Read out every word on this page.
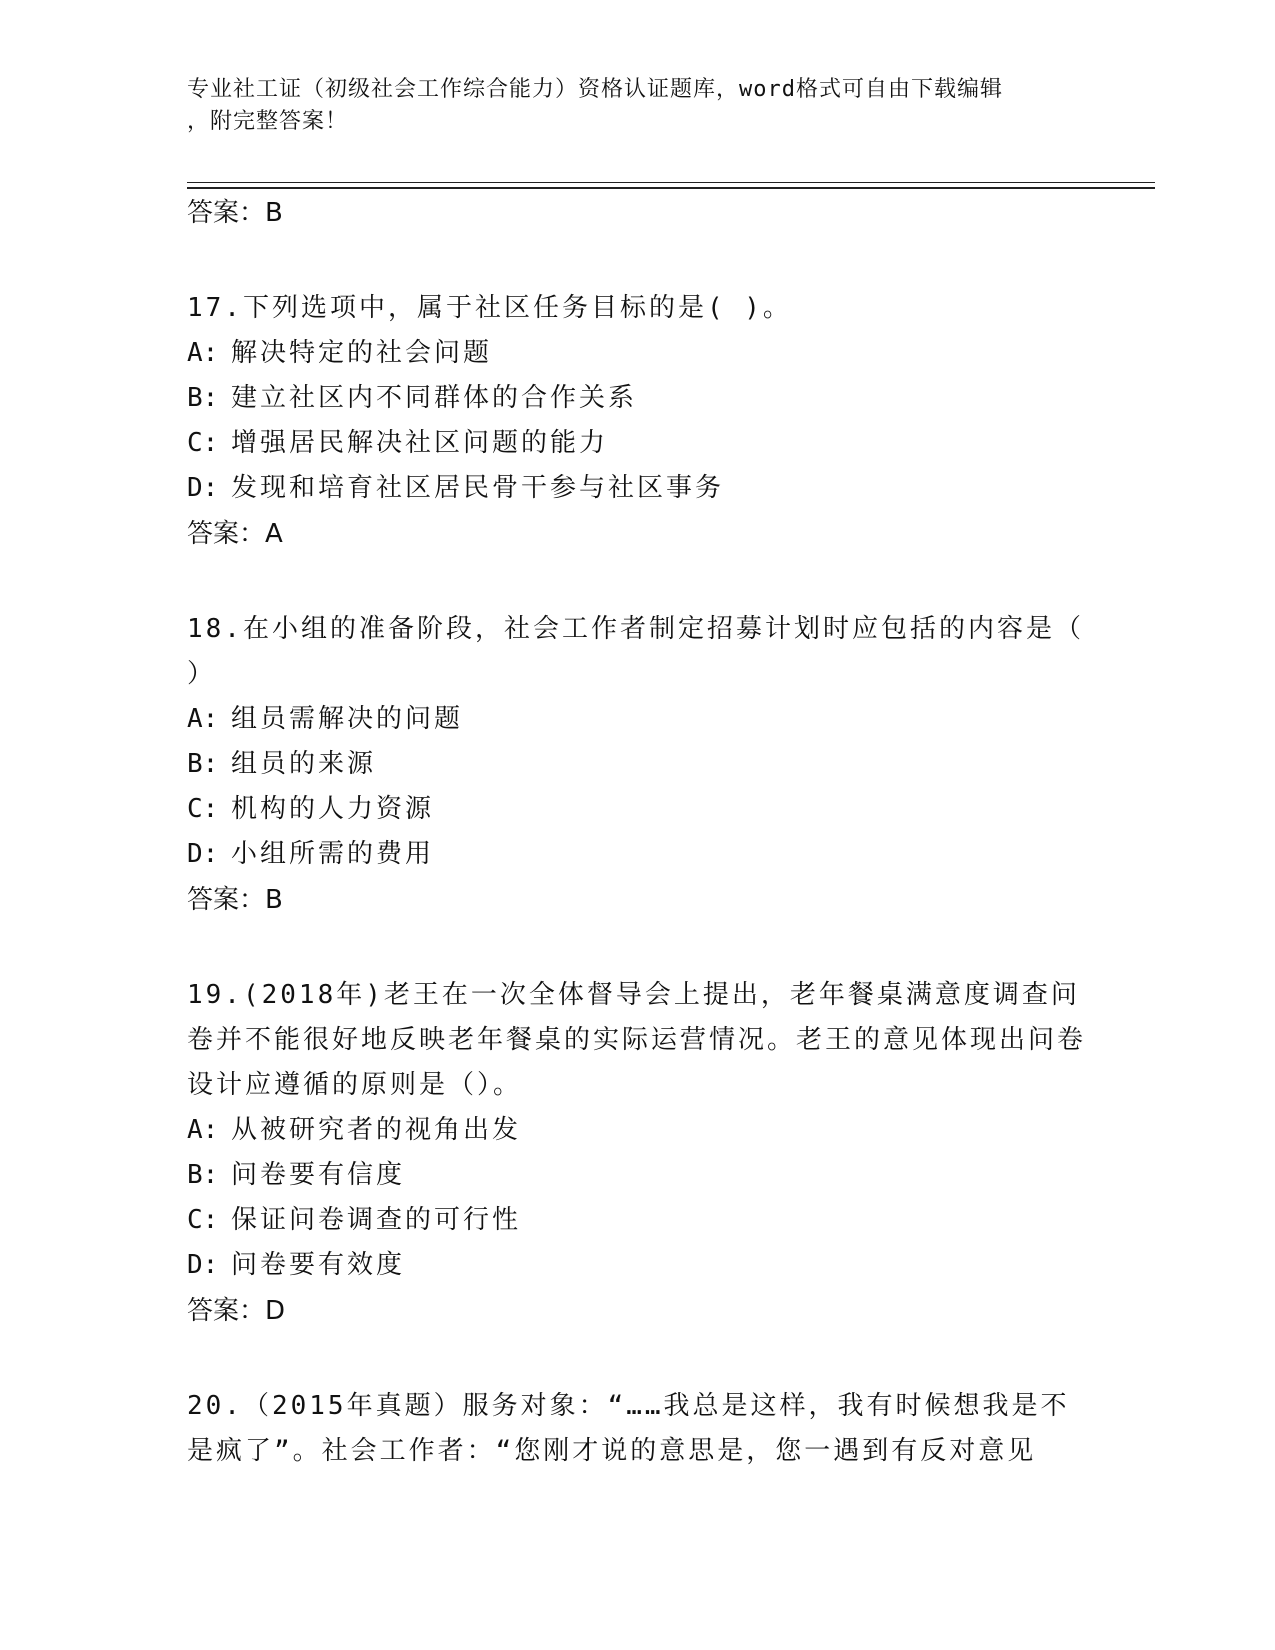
专业社工证（初级社会工作综合能力）资格认证题库，word格式可自由下载编辑
，附完整答案！
答案：B
17.下列选项中，属于社区任务目标的是( )。
A: 解决特定的社会问题
B: 建立社区内不同群体的合作关系
C: 增强居民解决社区问题的能力
D: 发现和培育社区居民骨干参与社区事务
答案：A
18.在小组的准备阶段，社会工作者制定招募计划时应包括的内容是（ ）
A: 组员需解决的问题
B: 组员的来源
C: 机构的人力资源
D: 小组所需的费用
答案：B
19.(2018年)老王在一次全体督导会上提出，老年餐桌满意度调查问卷并不能很好地反映老年餐桌的实际运营情况。老王的意见体现出问卷设计应遵循的原则是（）。
A: 从被研究者的视角出发
B: 问卷要有信度
C: 保证问卷调查的可行性
D: 问卷要有效度
答案：D
20.（2015年真题）服务对象：“……我总是这样，我有时候想我是不是疯了”。社会工作者：“您刚才说的意思是，您一遇到有反对意见
